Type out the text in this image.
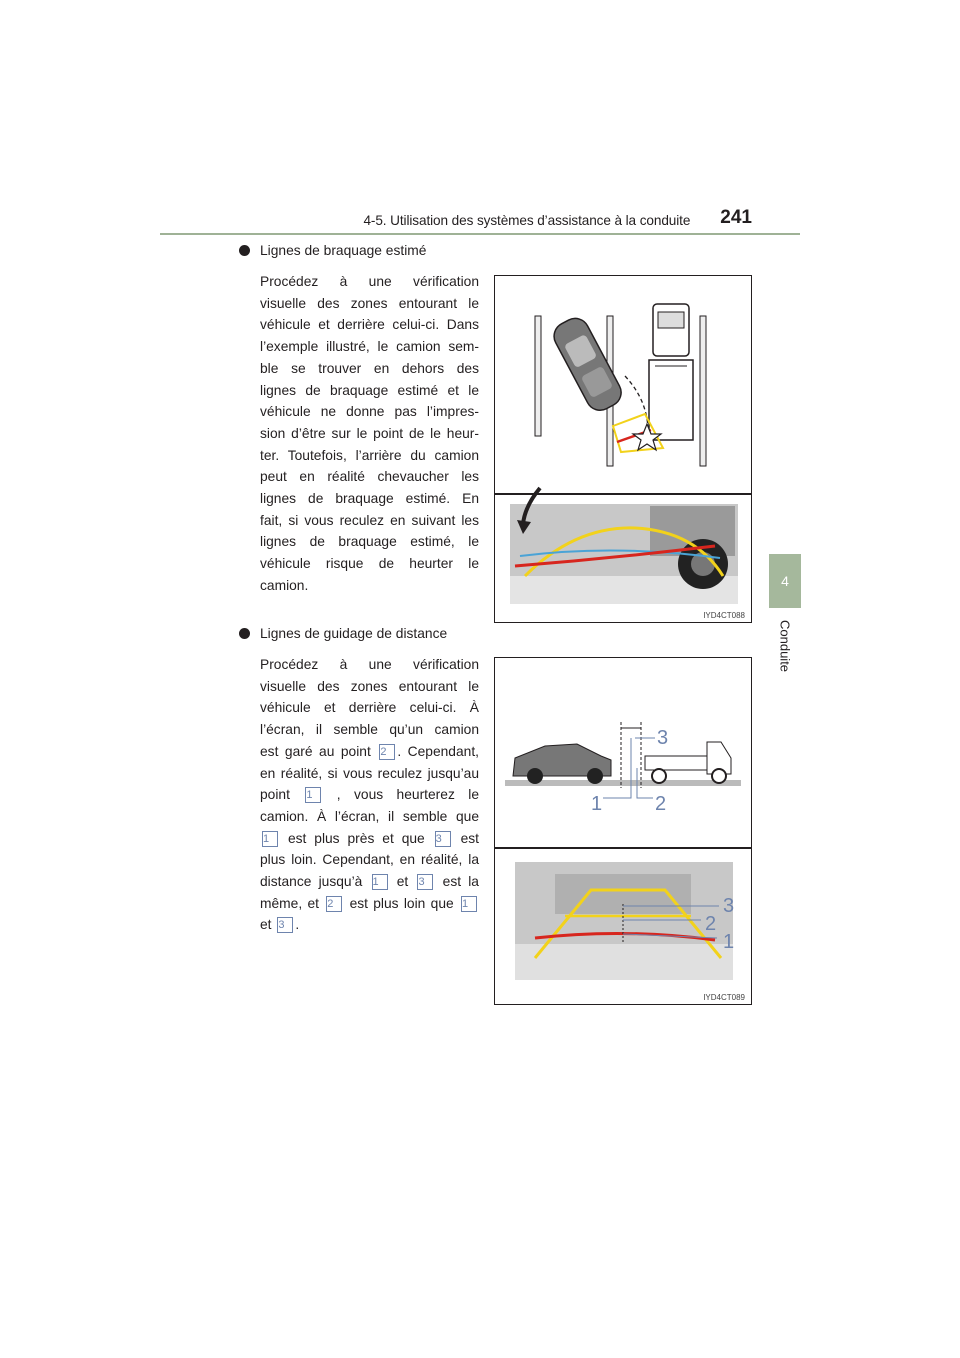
4-5. Utilisation des systèmes d’assistance à la conduite 241
4
Conduite
Lignes de braquage estimé
Procédez à une vérification
visuelle des zones entourant le
véhicule et derrière celui-ci. Dans
l’exemple illustré, le camion sem-
ble se trouver en dehors des
lignes de braquage estimé et le
véhicule ne donne pas l’impres-
sion d’être sur le point de le heur-
ter. Toutefois, l’arrière du camion
peut en réalité chevaucher les
lignes de braquage estimé. En
fait, si vous reculez en suivant les
lignes de braquage estimé, le
véhicule risque de heurter le
camion.
IYD4CT088
Lignes de guidage de distance
Procédez à une vérification
visuelle des zones entourant le
véhicule et derrière celui-ci. À
l’écran, il semble qu’un camion
est garé au point 2 . Cependant,
en réalité, si vous reculez jusqu’au
point 1 , vous heurterez le
camion. À l’écran, il semble que
1 est plus près et que 3 est
plus loin. Cependant, en réalité, la
distance jusqu’à 1 et 3 est la
même, et 2 est plus loin que 1
et 3 .
3
1	2
3
2
1
IYD4CT089
